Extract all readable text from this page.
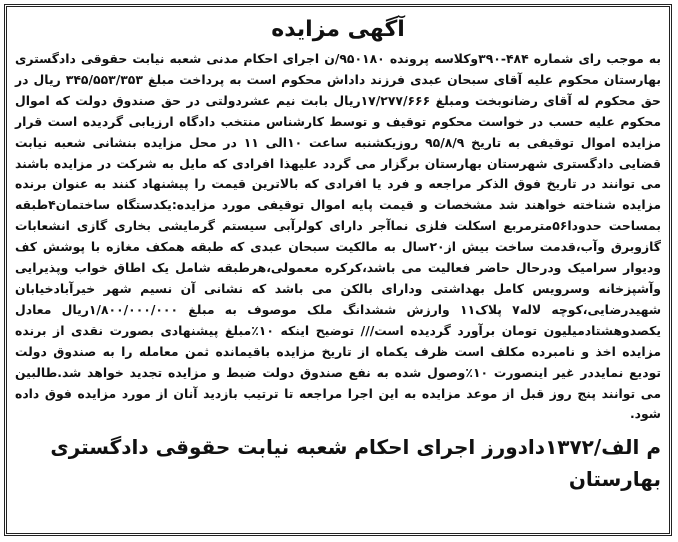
آگهی مزایده

به موجب رای شماره ۴۸۴-۳۹۰وکلاسه پرونده ۹۵۰۱۸۰/ن اجرای احکام مدنی شعبه نیابت حقوقی دادگستری بهارستان محکوم علیه آقای سبحان عبدی فرزند داداش محکوم است به پرداخت مبلغ ۳۴۵/۵۵۳/۳۵۳ ریال در حق محکوم له آقای رضانوبخت ومبلغ ۱۷/۲۷۷/۶۶۶ریال بابت نیم عشردولتی در حق صندوق دولت که اموال محکوم علیه حسب در خواست محکوم توقیف و توسط کارشناس منتخب دادگاه ارزیابی گردیده است قرار مزایده اموال توقیفی به تاریخ ۹۵/۸/۹ روزیکشنبه ساعت ۱۰الی ۱۱ در محل مزایده بنشانی شعبه نیابت قضایی دادگستری شهرستان بهارستان برگزار می گردد علیهذا افرادی که مایل به شرکت در مزایده باشند می توانند در تاریخ فوق الذکر مراجعه و فرد یا افرادی که بالاترین قیمت را پیشنهاد کنند به عنوان برنده مزایده شناخته خواهند شد مشخصات و قیمت پایه اموال توقیفی مورد مزایده:یکدستگاه ساختمان۴طبقه بمساحت حدودا۵۶مترمربع اسکلت فلزی نماآجر دارای کولرآبی سیستم گرمایشی بخاری گازی انشعابات گازوبرق وآب،قدمت ساخت بیش از۲۰سال به مالکیت سبحان عبدی که طبقه همکف مغازه با پوشش کف ودیوار سرامیک ودرحال حاضر فعالیت می باشد،کرکره معمولی،هرطبقه شامل یک اطاق خواب وپذیرایی وآشپزخانه وسرویس کامل بهداشتی ودارای بالکن می باشد که نشانی آن نسیم شهر خیرآبادخیابان شهیدرضایی،کوچه لاله۷ پلاک۱۱ وارزش ششدانگ ملک موصوف به مبلغ ۱/۸۰۰/۰۰۰/۰۰۰ریال معادل یکصدوهشتادمیلیون تومان برآورد گردیده است/// توضیح اینکه ۱۰٪مبلغ پیشنهادی بصورت نقدی از برنده مزایده اخذ و نامبرده مکلف است ظرف یکماه از تاریخ مزایده باقیمانده ثمن معامله را به صندوق دولت تودیع نمایددر غیر اینصورت ۱۰٪وصول شده به نفع صندوق دولت ضبط و مزایده تجدید خواهد شد.طالبین می توانند پنج روز قبل از موعد مزایده به این اجرا مراجعه تا ترتیب بازدید آنان از مورد مزایده فوق داده شود.

م الف/۱۳۷۲دادورز اجرای احکام شعبه نیابت حقوقی دادگستری بهارستان
